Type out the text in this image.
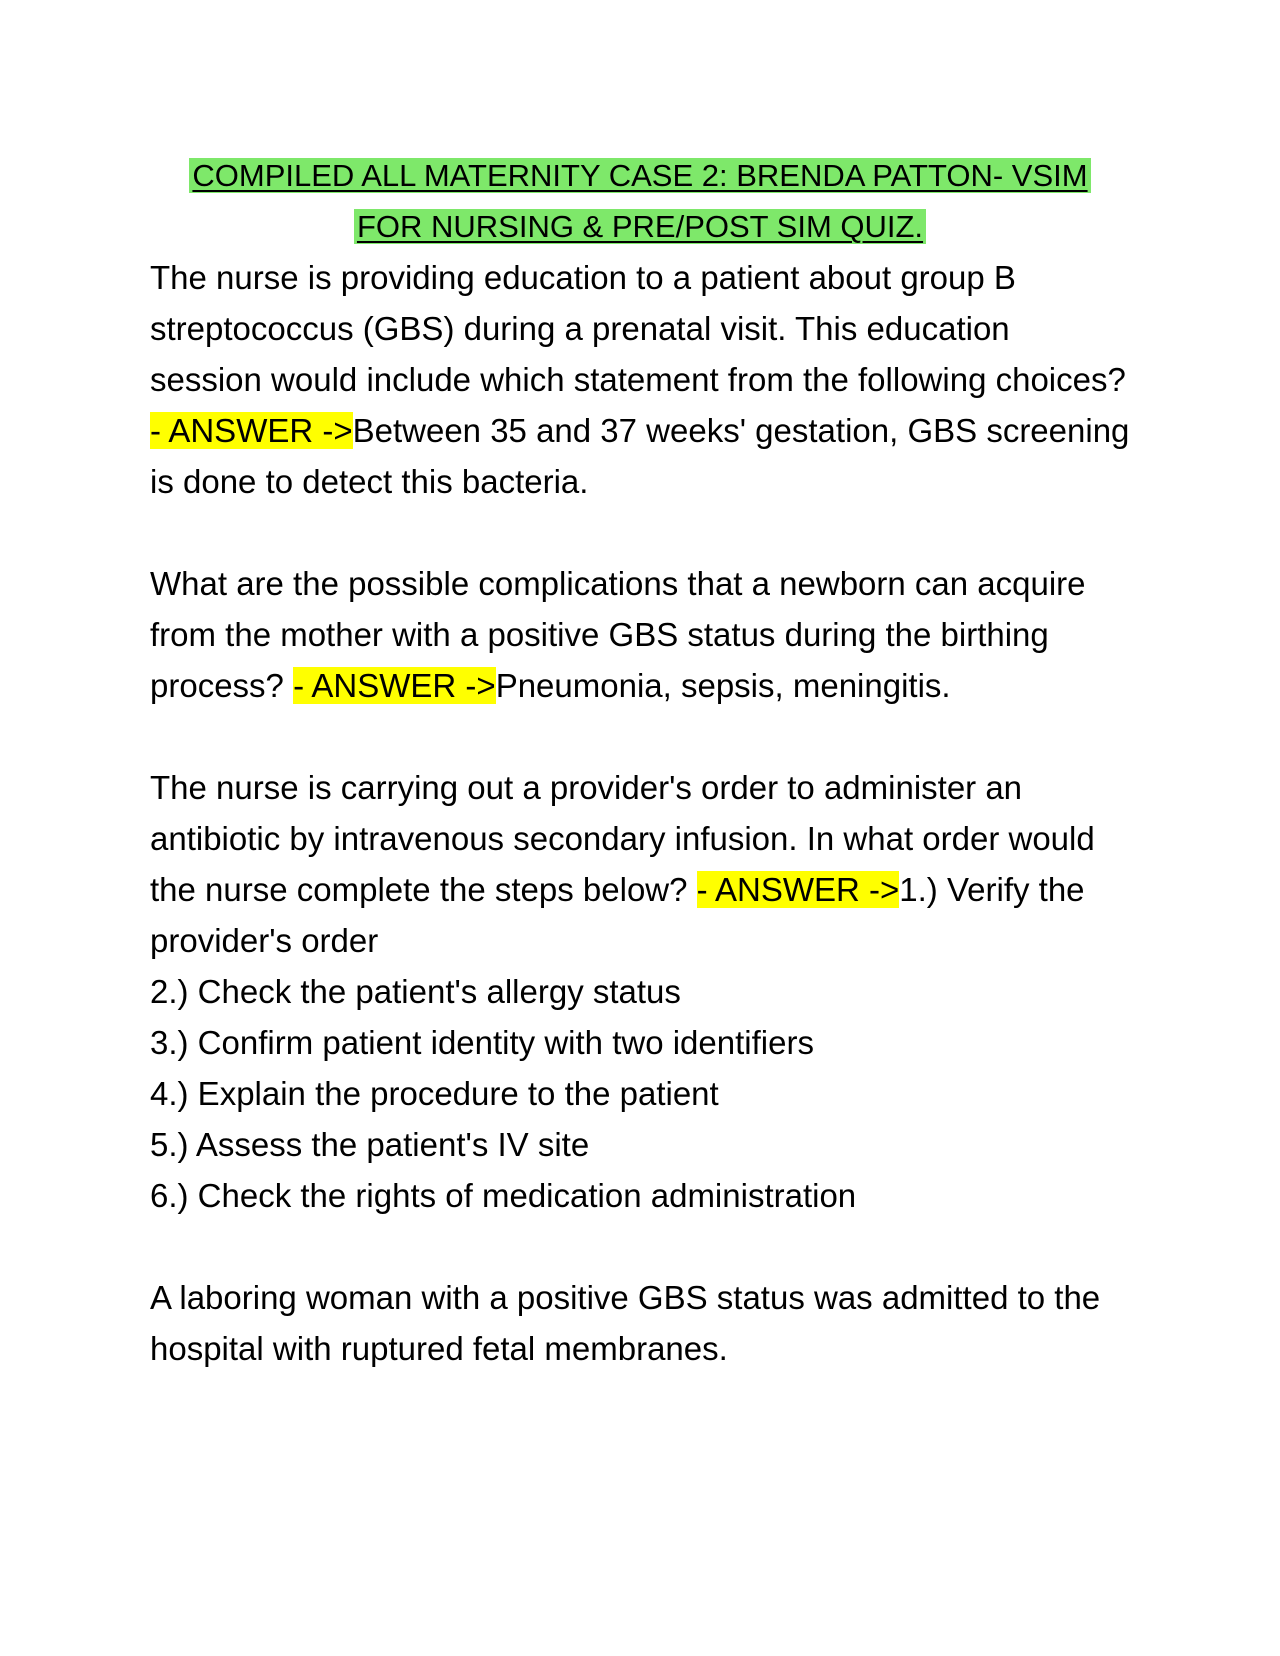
COMPILED ALL MATERNITY CASE 2: BRENDA PATTON- VSIM
FOR NURSING & PRE/POST SIM QUIZ.

The nurse is providing education to a patient about group B streptococcus (GBS) during a prenatal visit. This education session would include which statement from the following choices? - ANSWER ->Between 35 and 37 weeks' gestation, GBS screening is done to detect this bacteria.

What are the possible complications that a newborn can acquire from the mother with a positive GBS status during the birthing process? - ANSWER ->Pneumonia, sepsis, meningitis.

The nurse is carrying out a provider's order to administer an antibiotic by intravenous secondary infusion. In what order would the nurse complete the steps below? - ANSWER ->1.) Verify the provider's order

2.) Check the patient's allergy status
3.) Confirm patient identity with two identifiers
4.) Explain the procedure to the patient
5.) Assess the patient's IV site
6.) Check the rights of medication administration

A laboring woman with a positive GBS status was admitted to the hospital with ruptured fetal membranes.
